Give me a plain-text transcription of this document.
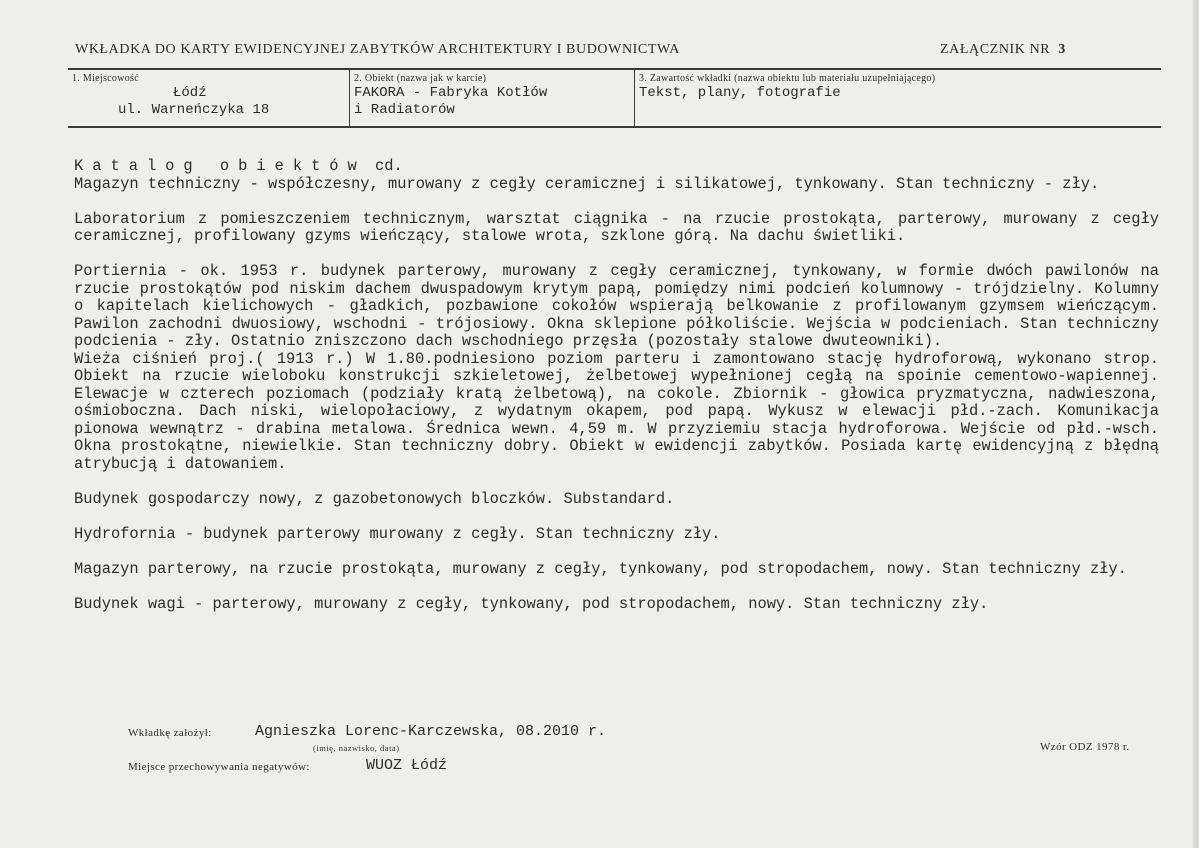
WKŁADKA DO KARTY EWIDENCYJNEJ ZABYTKÓW ARCHITEKTURY I BUDOWNICTWA	ZAŁĄCZNIK NR 3
1. Miejscowość
Łódź
ul. Warneńczyka 18
2. Obiekt (nazwa jak w karcie)
FAKORA - Fabryka Kotłów
i Radiatorów
3. Zawartość wkładki (nazwa obiektu lub materiału uzupełniającego)
Tekst, plany, fotografie

Katalog obiektów cd.

Magazyn techniczny - współczesny, murowany z cegły ceramicznej i silikatowej, tynkowany. Stan techniczny - zły.

Laboratorium z pomieszczeniem technicznym, warsztat ciągnika - na rzucie prostokąta, parterowy, murowany z cegły ceramicznej, profilowany gzyms wieńczący, stalowe wrota, szklone górą. Na dachu świetliki.

Portiernia - ok. 1953 r. budynek parterowy, murowany z cegły ceramicznej, tynkowany, w formie dwóch pawilonów na rzucie prostokątów pod niskim dachem dwuspadowym krytym papą, pomiędzy nimi podcień kolumnowy - trójdzielny. Kolumny o kapitelach kielichowych - gładkich, pozbawione cokołów wspierają belkowanie z profilowanym gzymsem wieńczącym. Pawilon zachodni dwuosiowy, wschodni - trójosiowy. Okna sklepione półkoliście. Wejścia w podcieniach. Stan techniczny podcienia - zły. Ostatnio zniszczono dach wschodniego przęsła (pozostały stalowe dwuteowniki).

Wieża ciśnień proj.( 1913 r.) W 1.80.podniesiono poziom parteru i zamontowano stację hydroforową, wykonano strop. Obiekt na rzucie wieloboku konstrukcji szkieletowej, żelbetowej wypełnionej cegłą na spoinie cementowo-wapiennej. Elewacje w czterech poziomach (podziały kratą żelbetową), na cokole. Zbiornik - głowica pryzmatyczna, nadwieszona, ośmioboczna. Dach niski, wielopołaciowy, z wydatnym okapem, pod papą. Wykusz w elewacji płd.-zach. Komunikacja pionowa wewnątrz - drabina metalowa. Średnica wewn. 4,59 m. W przyziemiu stacja hydroforowa. Wejście od płd.-wsch. Okna prostokątne, niewielkie. Stan techniczny dobry. Obiekt w ewidencji zabytków. Posiada kartę ewidencyjną z błędną atrybucją i datowaniem.

Budynek gospodarczy nowy, z gazobetonowych bloczków. Substandard.

Hydrofornia - budynek parterowy murowany z cegły. Stan techniczny zły.

Magazyn parterowy, na rzucie prostokąta, murowany z cegły, tynkowany, pod stropodachem, nowy. Stan techniczny zły.

Budynek wagi - parterowy, murowany z cegły, tynkowany, pod stropodachem, nowy. Stan techniczny zły.

Wkładkę założył:	Agnieszka Lorenc-Karczewska, 08.2010 r.
(imię, nazwisko, data)
Miejsce przechowywania negatywów:	WUOZ Łódź
Wzór ODZ 1978 r.
